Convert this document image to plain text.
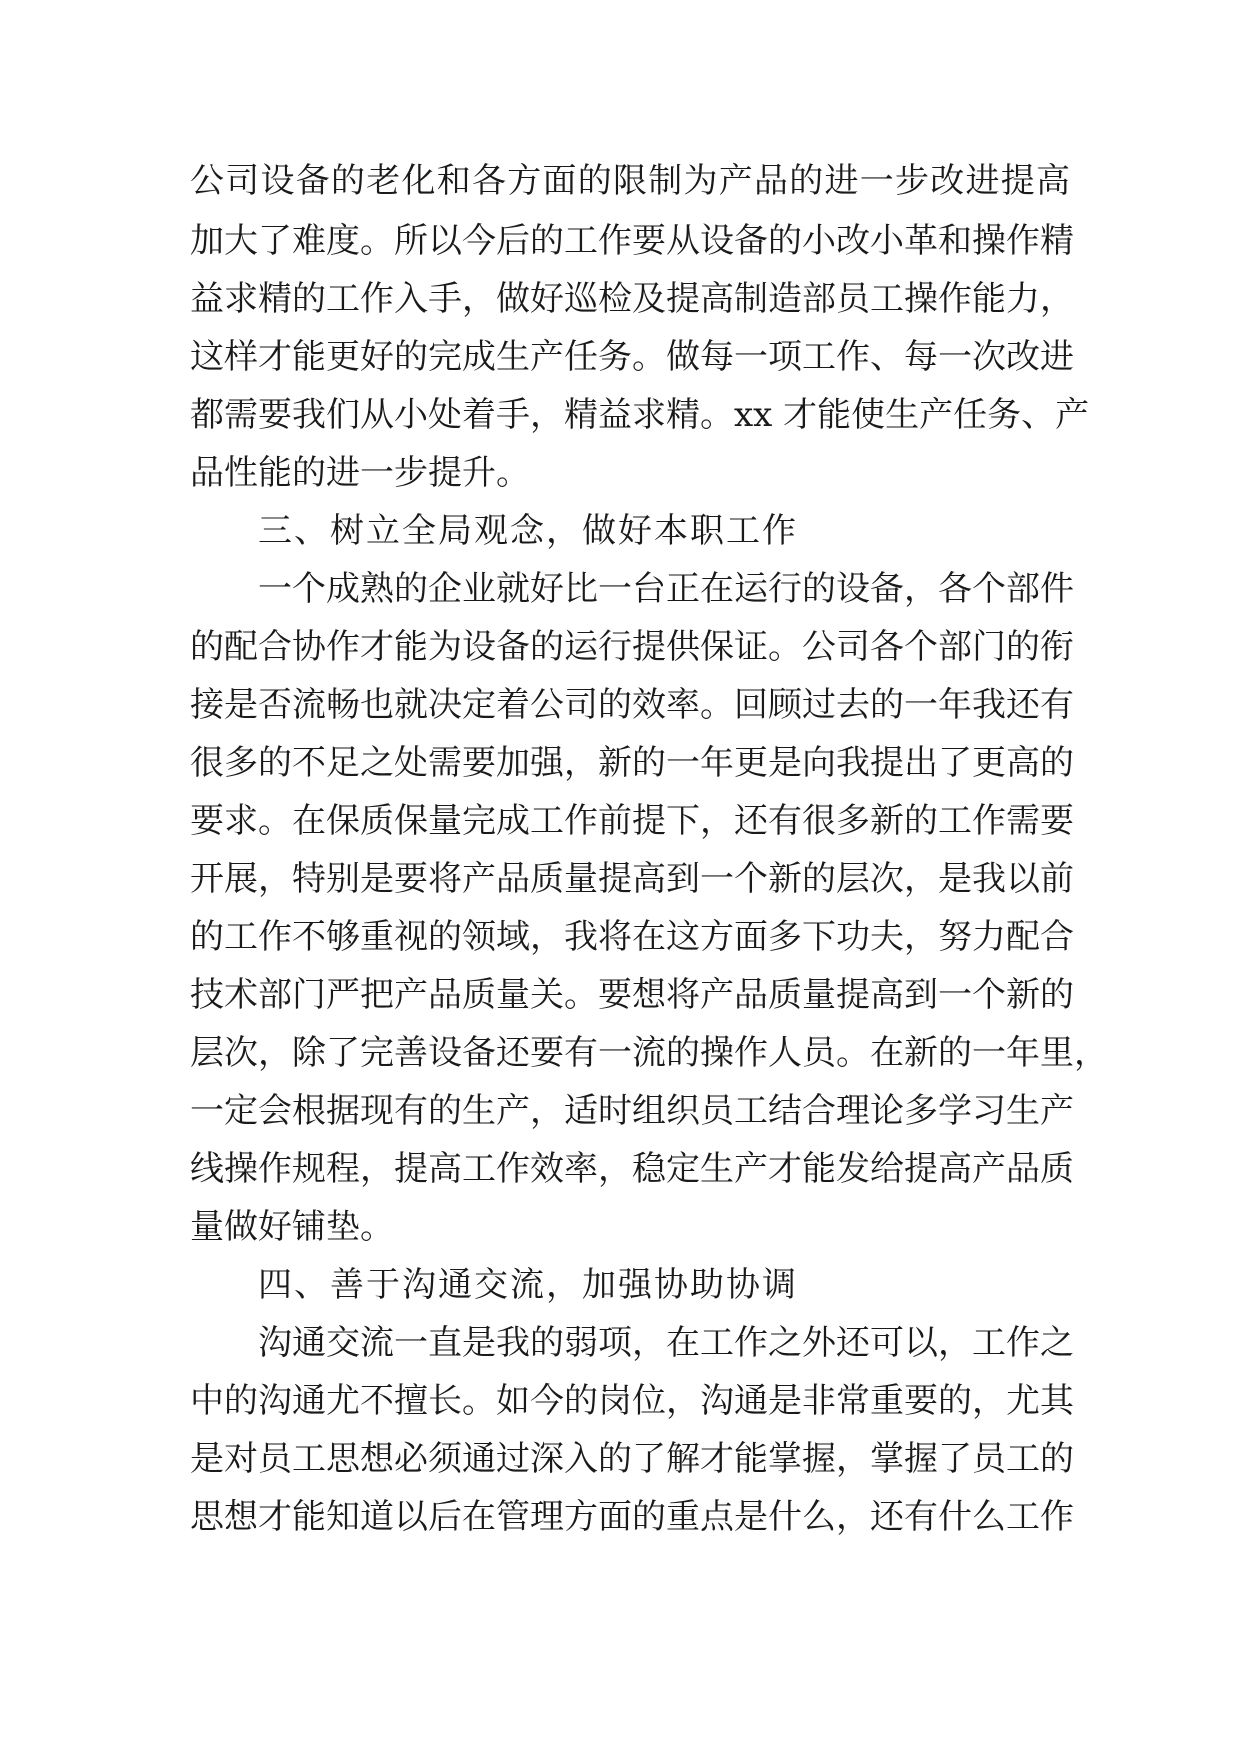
公司设备的老化和各方面的限制为产品的进一步改进提高
加大了难度。所以今后的工作要从设备的小改小革和操作精
益求精的工作入手，做好巡检及提高制造部员工操作能力，
这样才能更好的完成生产任务。做每一项工作、每一次改进
都需要我们从小处着手，精益求精。xx 才能使生产任务、产
品性能的进一步提升。
三、树立全局观念，做好本职工作
一个成熟的企业就好比一台正在运行的设备，各个部件
的配合协作才能为设备的运行提供保证。公司各个部门的衔
接是否流畅也就决定着公司的效率。回顾过去的一年我还有
很多的不足之处需要加强，新的一年更是向我提出了更高的
要求。在保质保量完成工作前提下，还有很多新的工作需要
开展，特别是要将产品质量提高到一个新的层次，是我以前
的工作不够重视的领域，我将在这方面多下功夫，努力配合
技术部门严把产品质量关。要想将产品质量提高到一个新的
层次，除了完善设备还要有一流的操作人员。在新的一年里，
一定会根据现有的生产，适时组织员工结合理论多学习生产
线操作规程，提高工作效率，稳定生产才能发给提高产品质
量做好铺垫。
四、善于沟通交流，加强协助协调
沟通交流一直是我的弱项，在工作之外还可以，工作之
中的沟通尤不擅长。如今的岗位，沟通是非常重要的，尤其
是对员工思想必须通过深入的了解才能掌握，掌握了员工的
思想才能知道以后在管理方面的重点是什么，还有什么工作
